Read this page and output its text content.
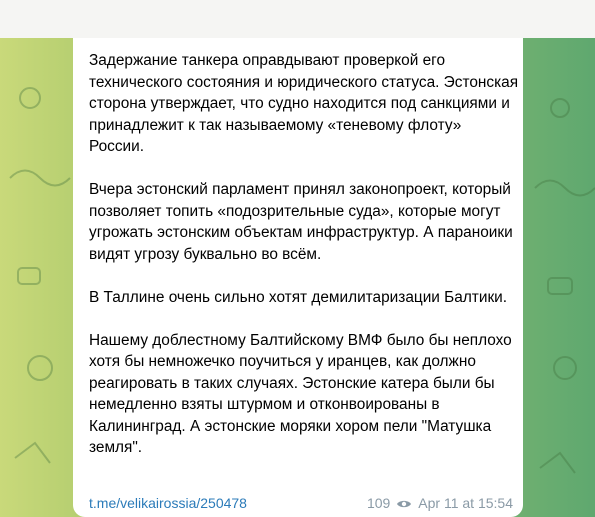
Задержание танкера оправдывают проверкой его технического состояния и юридического статуса. Эстонская сторона утверждает, что судно находится под санкциями и принадлежит к так называемому «теневому флоту» России.

Вчера эстонский парламент принял законопроект, который позволяет топить «подозрительные суда», которые могут угрожать эстонским объектам инфраструктур. А параноики видят угрозу буквально во всём.

В Таллине очень сильно хотят демилитаризации Балтики.

Нашему доблестному Балтийскому ВМФ было бы неплохо хотя бы немножечко поучиться у иранцев, как должно реагировать в таких случаях. Эстонские катера были бы немедленно взяты штурмом и отконвоированы в Калининград. А эстонские моряки хором пели "Матушка земля".

t.me/velikairossia/250478	109 Apr 11 at 15:54
